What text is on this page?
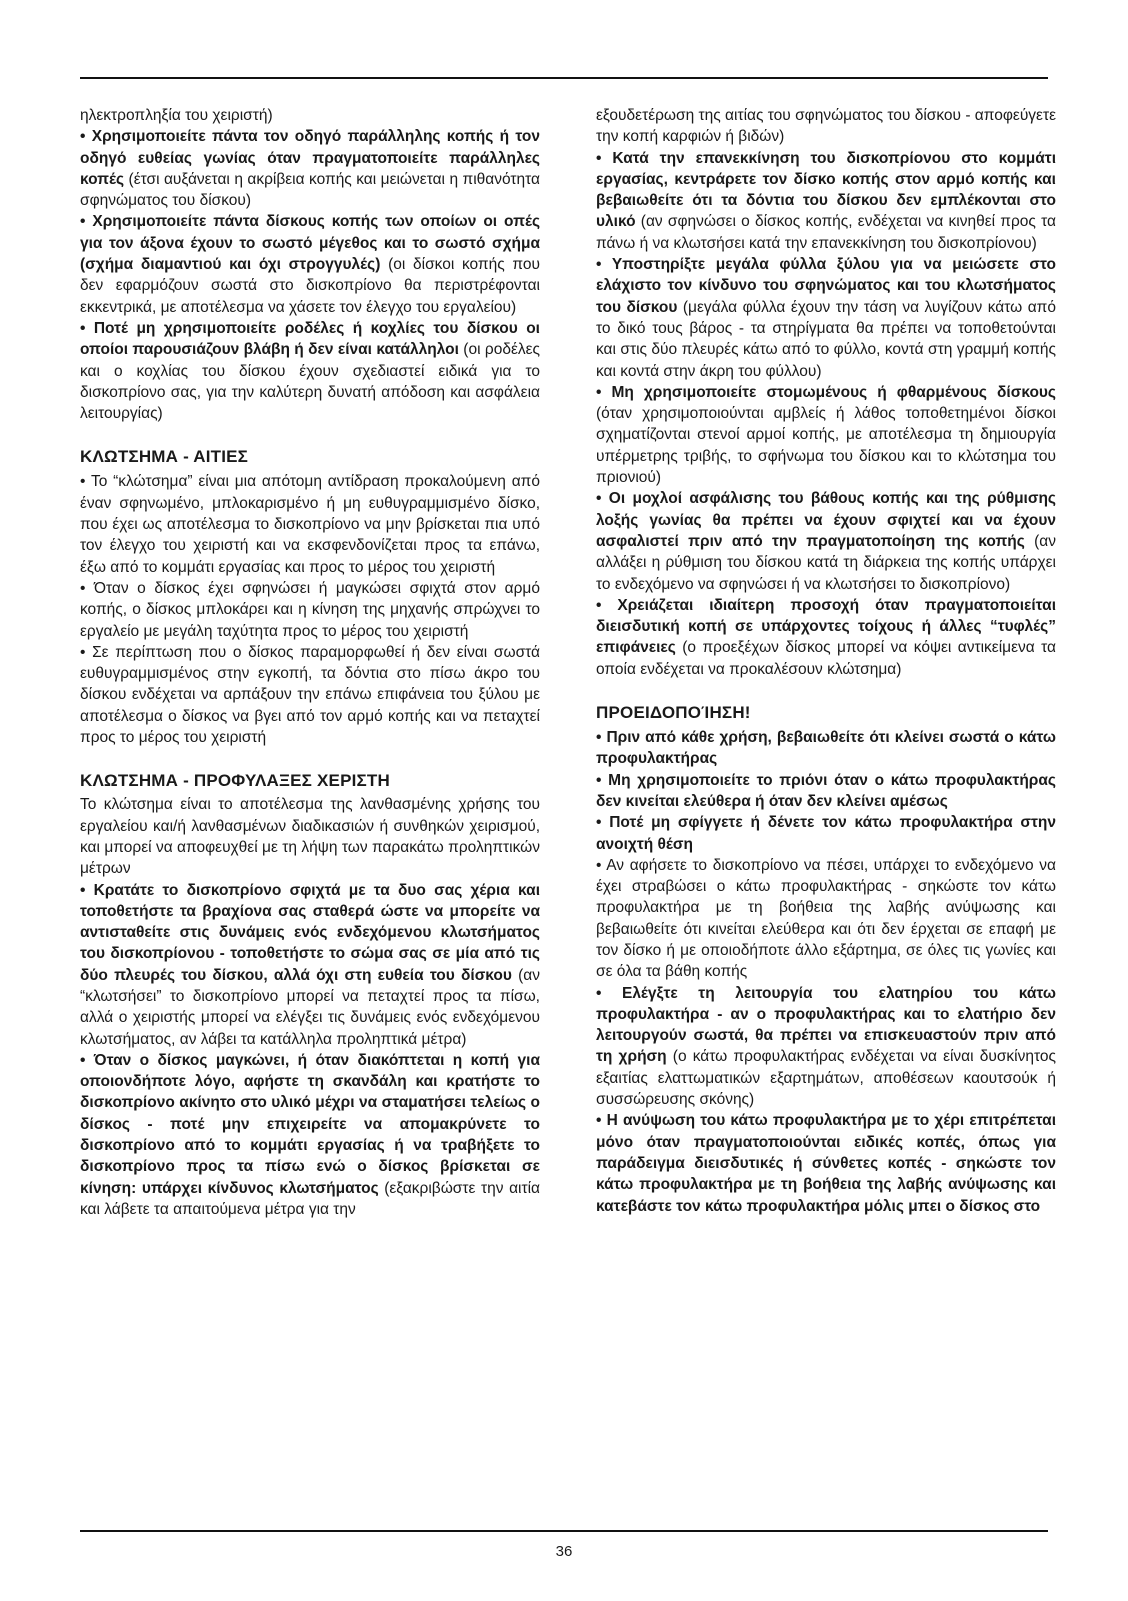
ηλεκτροπληξία του χειριστή)

• Χρησιμοποιείτε πάντα τον οδηγό παράλληλης κοπής ή τον οδηγό ευθείας γωνίας όταν πραγματοποιείτε παράλληλες κοπές (έτσι αυξάνεται η ακρίβεια κοπής και μειώνεται η πιθανότητα σφηνώματος του δίσκου)

• Χρησιμοποιείτε πάντα δίσκους κοπής των οποίων οι οπές για τον άξονα έχουν το σωστό μέγεθος και το σωστό σχήμα (σχήμα διαμαντιού και όχι στρογγυλές) (οι δίσκοι κοπής που δεν εφαρμόζουν σωστά στο δισκοπρίονο θα περιστρέφονται εκκεντρικά, με αποτέλεσμα να χάσετε τον έλεγχο του εργαλείου)

• Ποτέ μη χρησιμοποιείτε ροδέλες ή κοχλίες του δίσκου οι οποίοι παρουσιάζουν βλάβη ή δεν είναι κατάλληλοι (οι ροδέλες και ο κοχλίας του δίσκου έχουν σχεδιαστεί ειδικά για το δισκοπρίονο σας, για την καλύτερη δυνατή απόδοση και ασφάλεια λειτουργίας)

ΚΛΩΤΣΗΜΑ - ΑΙΤΙΕΣ

• Το “κλώτσημα” είναι μια απότομη αντίδραση προκαλούμενη από έναν σφηνωμένο, μπλοκαρισμένο ή μη ευθυγραμμισμένο δίσκο, που έχει ως αποτέλεσμα το δισκοπρίονο να μην βρίσκεται πια υπό τον έλεγχο του χειριστή και να εκσφενδονίζεται προς τα επάνω, έξω από το κομμάτι εργασίας και προς το μέρος του χειριστή

• Όταν ο δίσκος έχει σφηνώσει ή μαγκώσει σφιχτά στον αρμό κοπής, ο δίσκος μπλοκάρει και η κίνηση της μηχανής σπρώχνει το εργαλείο με μεγάλη ταχύτητα προς το μέρος του χειριστή

• Σε περίπτωση που ο δίσκος παραμορφωθεί ή δεν είναι σωστά ευθυγραμμισμένος στην εγκοπή, τα δόντια στο πίσω άκρο του δίσκου ενδέχεται να αρπάξουν την επάνω επιφάνεια του ξύλου με αποτέλεσμα ο δίσκος να βγει από τον αρμό κοπής και να πεταχτεί προς το μέρος του χειριστή

ΚΛΩΤΣΗΜΑ - ΠΡΟΦΥΛΑΞΕΣ ΧΕΡΙΣΤΗ

Το κλώτσημα είναι το αποτέλεσμα της λανθασμένης χρήσης του εργαλείου και/ή λανθασμένων διαδικασιών ή συνθηκών χειρισμού, και μπορεί να αποφευχθεί με τη λήψη των παρακάτω προληπτικών μέτρων

• Κρατάτε το δισκοπρίονο σφιχτά με τα δυο σας χέρια και τοποθετήστε τα βραχίονα σας σταθερά ώστε να μπορείτε να αντισταθείτε στις δυνάμεις ενός ενδεχόμενου κλωτσήματος του δισκοπρίονου - τοποθετήστε το σώμα σας σε μία από τις δύο πλευρές του δίσκου, αλλά όχι στη ευθεία του δίσκου (αν “κλωτσήσει” το δισκοπρίονο μπορεί να πεταχτεί προς τα πίσω, αλλά ο χειριστής μπορεί να ελέγξει τις δυνάμεις ενός ενδεχόμενου κλωτσήματος, αν λάβει τα κατάλληλα προληπτικά μέτρα)

• Όταν ο δίσκος μαγκώνει, ή όταν διακόπτεται η κοπή για οποιονδήποτε λόγο, αφήστε τη σκανδάλη και κρατήστε το δισκοπρίονο ακίνητο στο υλικό μέχρι να σταματήσει τελείως ο δίσκος - ποτέ μην επιχειρείτε να απομακρύνετε το δισκοπρίονο από το κομμάτι εργασίας ή να τραβήξετε το δισκοπρίονο προς τα πίσω ενώ ο δίσκος βρίσκεται σε κίνηση: υπάρχει κίνδυνος κλωτσήματος (εξακριβώστε την αιτία και λάβετε τα απαιτούμενα μέτρα για την

εξουδετέρωση της αιτίας του σφηνώματος του δίσκου - αποφεύγετε την κοπή καρφιών ή βιδών)

• Κατά την επανεκκίνηση του δισκοπρίονου στο κομμάτι εργασίας, κεντράρετε τον δίσκο κοπής στον αρμό κοπής και βεβαιωθείτε ότι τα δόντια του δίσκου δεν εμπλέκονται στο υλικό (αν σφηνώσει ο δίσκος κοπής, ενδέχεται να κινηθεί προς τα πάνω ή να κλωτσήσει κατά την επανεκκίνηση του δισκοπρίονου)

• Υποστηρίξτε μεγάλα φύλλα ξύλου για να μειώσετε στο ελάχιστο τον κίνδυνο του σφηνώματος και του κλωτσήματος του δίσκου (μεγάλα φύλλα έχουν την τάση να λυγίζουν κάτω από το δικό τους βάρος - τα στηρίγματα θα πρέπει να τοποθετούνται και στις δύο πλευρές κάτω από το φύλλο, κοντά στη γραμμή κοπής και κοντά στην άκρη του φύλλου)

• Μη χρησιμοποιείτε στομωμένους ή φθαρμένους δίσκους (όταν χρησιμοποιούνται αμβλείς ή λάθος τοποθετημένοι δίσκοι σχηματίζονται στενοί αρμοί κοπής, με αποτέλεσμα τη δημιουργία υπέρμετρης τριβής, το σφήνωμα του δίσκου και το κλώτσημα του πριονιού)

• Οι μοχλοί ασφάλισης του βάθους κοπής και της ρύθμισης λοξής γωνίας θα πρέπει να έχουν σφιχτεί και να έχουν ασφαλιστεί πριν από την πραγματοποίηση της κοπής (αν αλλάξει η ρύθμιση του δίσκου κατά τη διάρκεια της κοπής υπάρχει το ενδεχόμενο να σφηνώσει ή να κλωτσήσει το δισκοπρίονο)

• Χρειάζεται ιδιαίτερη προσοχή όταν πραγματοποιείται διεισδυτική κοπή σε υπάρχοντες τοίχους ή άλλες “τυφλές” επιφάνειες (ο προεξέχων δίσκος μπορεί να κόψει αντικείμενα τα οποία ενδέχεται να προκαλέσουν κλώτσημα)

ΠΡΟΕΙΔΟΠΟΊΗΣΗ!

• Πριν από κάθε χρήση, βεβαιωθείτε ότι κλείνει σωστά ο κάτω προφυλακτήρας

• Μη χρησιμοποιείτε το πριόνι όταν ο κάτω προφυλακτήρας δεν κινείται ελεύθερα ή όταν δεν κλείνει αμέσως

• Ποτέ μη σφίγγετε ή δένετε τον κάτω προφυλακτήρα στην ανοιχτή θέση

• Αν αφήσετε το δισκοπρίονο να πέσει, υπάρχει το ενδεχόμενο να έχει στραβώσει ο κάτω προφυλακτήρας - σηκώστε τον κάτω προφυλακτήρα με τη βοήθεια της λαβής ανύψωσης και βεβαιωθείτε ότι κινείται ελεύθερα και ότι δεν έρχεται σε επαφή με τον δίσκο ή με οποιοδήποτε άλλο εξάρτημα, σε όλες τις γωνίες και σε όλα τα βάθη κοπής

• Ελέγξτε τη λειτουργία του ελατηρίου του κάτω προφυλακτήρα - αν ο προφυλακτήρας και το ελατήριο δεν λειτουργούν σωστά, θα πρέπει να επισκευαστούν πριν από τη χρήση (ο κάτω προφυλακτήρας ενδέχεται να είναι δυσκίνητος εξαιτίας ελαττωματικών εξαρτημάτων, αποθέσεων καουτσούκ ή συσσώρευσης σκόνης)

• Η ανύψωση του κάτω προφυλακτήρα με το χέρι επιτρέπεται μόνο όταν πραγματοποιούνται ειδικές κοπές, όπως για παράδειγμα διεισδυτικές ή σύνθετες κοπές - σηκώστε τον κάτω προφυλακτήρα με τη βοήθεια της λαβής ανύψωσης και κατεβάστε τον κάτω προφυλακτήρα μόλις μπει ο δίσκος στο

36
